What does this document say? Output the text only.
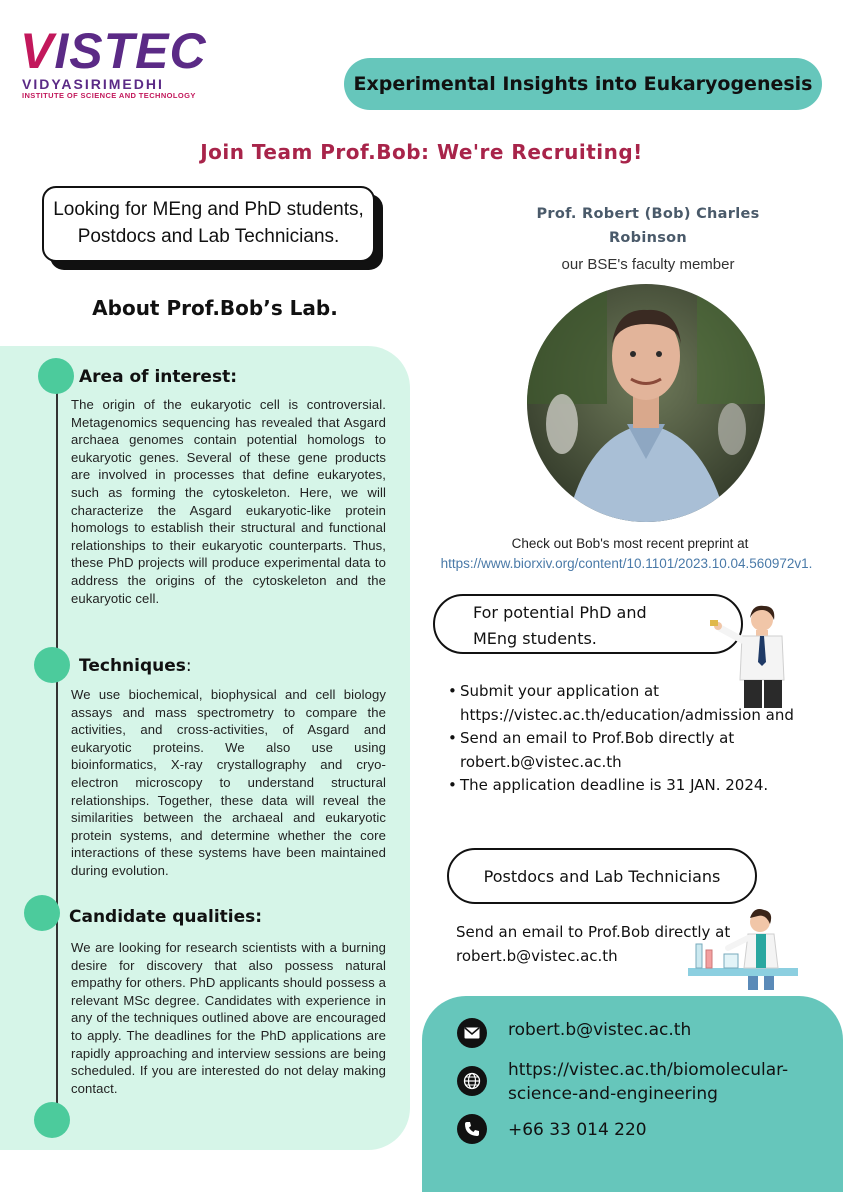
VISTEC
VIDYASIRIMEDHI
INSTITUTE OF SCIENCE AND TECHNOLOGY
Experimental Insights into Eukaryogenesis
Join Team Prof.Bob: We're Recruiting!
Looking for MEng and PhD students,
Postdocs and Lab Technicians.
About Prof.Bob’s Lab.
Area of interest:
The origin of the eukaryotic cell is controversial. Metagenomics sequencing has revealed that Asgard archaea genomes contain potential homologs to eukaryotic genes. Several of these gene products are involved in processes that define eukaryotes, such as forming the cytoskeleton. Here, we will characterize the Asgard eukaryotic-like protein homologs to establish their structural and functional relationships to their eukaryotic counterparts. Thus, these PhD projects will produce experimental data to address the origins of the cytoskeleton and the eukaryotic cell.
Techniques:
We use biochemical, biophysical and cell biology assays and mass spectrometry to compare the activities, and cross-activities, of Asgard and eukaryotic proteins. We also use using bioinformatics, X-ray crystallography and cryo-electron microscopy to understand structural relationships. Together, these data will reveal the similarities between the archaeal and eukaryotic protein systems, and determine whether the core interactions of these systems have been maintained during evolution.
Candidate qualities:
We are looking for research scientists with a burning desire for discovery that also possess natural empathy for others. PhD applicants should possess a relevant MSc degree. Candidates with experience in any of the techniques outlined above are encouraged to apply. The deadlines for the PhD applications are rapidly approaching and interview sessions are being scheduled. If you are interested do not delay making contact.
Prof. Robert (Bob) Charles
Robinson
our BSE's faculty member
Check out Bob's most recent preprint at
https://www.biorxiv.org/content/10.1101/2023.10.04.560972v1.
For potential PhD and
MEng students.
• Submit your application at https://vistec.ac.th/education/admission and
• Send an email to Prof.Bob directly at robert.b@vistec.ac.th
• The application deadline is 31 JAN. 2024.
Postdocs and Lab Technicians
Send an email to Prof.Bob directly at robert.b@vistec.ac.th
robert.b@vistec.ac.th
https://vistec.ac.th/biomolecular-science-and-engineering
+66 33 014 220
